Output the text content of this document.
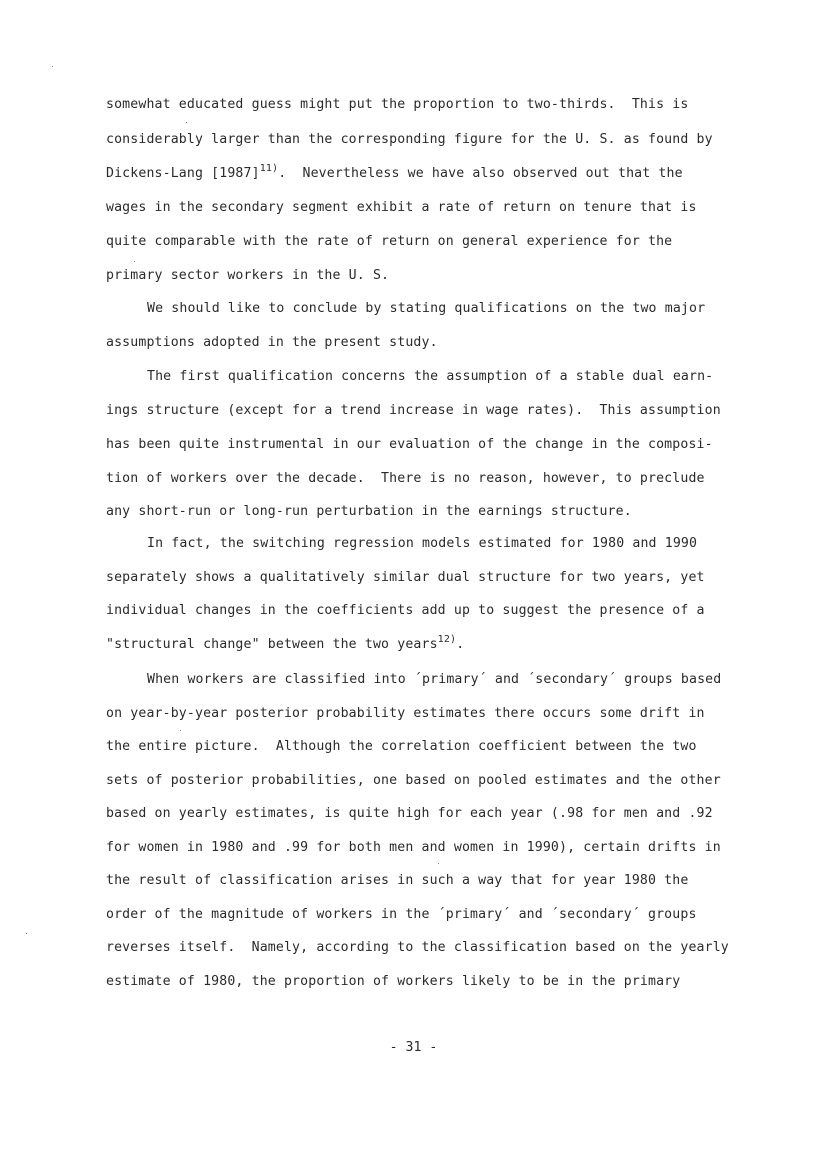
somewhat educated guess might put the proportion to two-thirds.  This is
considerably larger than the corresponding figure for the U. S. as found by
Dickens-Lang $[1987]^{11)}$.  Nevertheless we have also observed out that the
wages in the secondary segment exhibit a rate of return on tenure that is
quite comparable with the rate of return on general experience for the
primary sector workers in the U. S.
We should like to conclude by stating qualifications on the two major
assumptions adopted in the present study.
The first qualification concerns the assumption of a stable dual earn-
ings structure (except for a trend increase in wage rates).  This assumption
has been quite instrumental in our evaluation of the change in the composi-
tion of workers over the decade.  There is no reason, however, to preclude
any short-run or long-run perturbation in the earnings structure.
In fact, the switching regression models estimated for 1980 and 1990
separately shows a qualitatively similar dual structure for two years, yet
individual changes in the coefficients add up to suggest the presence of a
"structural change" between the two years$^{12)}$.
When workers are classified into ´primary´ and ´secondary´ groups based
on year-by-year posterior probability estimates there occurs some drift in
the entire picture.  Although the correlation coefficient between the two
sets of posterior probabilities, one based on pooled estimates and the other
based on yearly estimates, is quite high for each year (.98 for men and .92
for women in 1980 and .99 for both men and women in 1990), certain drifts in
the result of classification arises in such a way that for year 1980 the
order of the magnitude of workers in the ´primary´ and ´secondary´ groups
reverses itself.  Namely, according to the classification based on the yearly
estimate of 1980, the proportion of workers likely to be in the primary
- 31 -
